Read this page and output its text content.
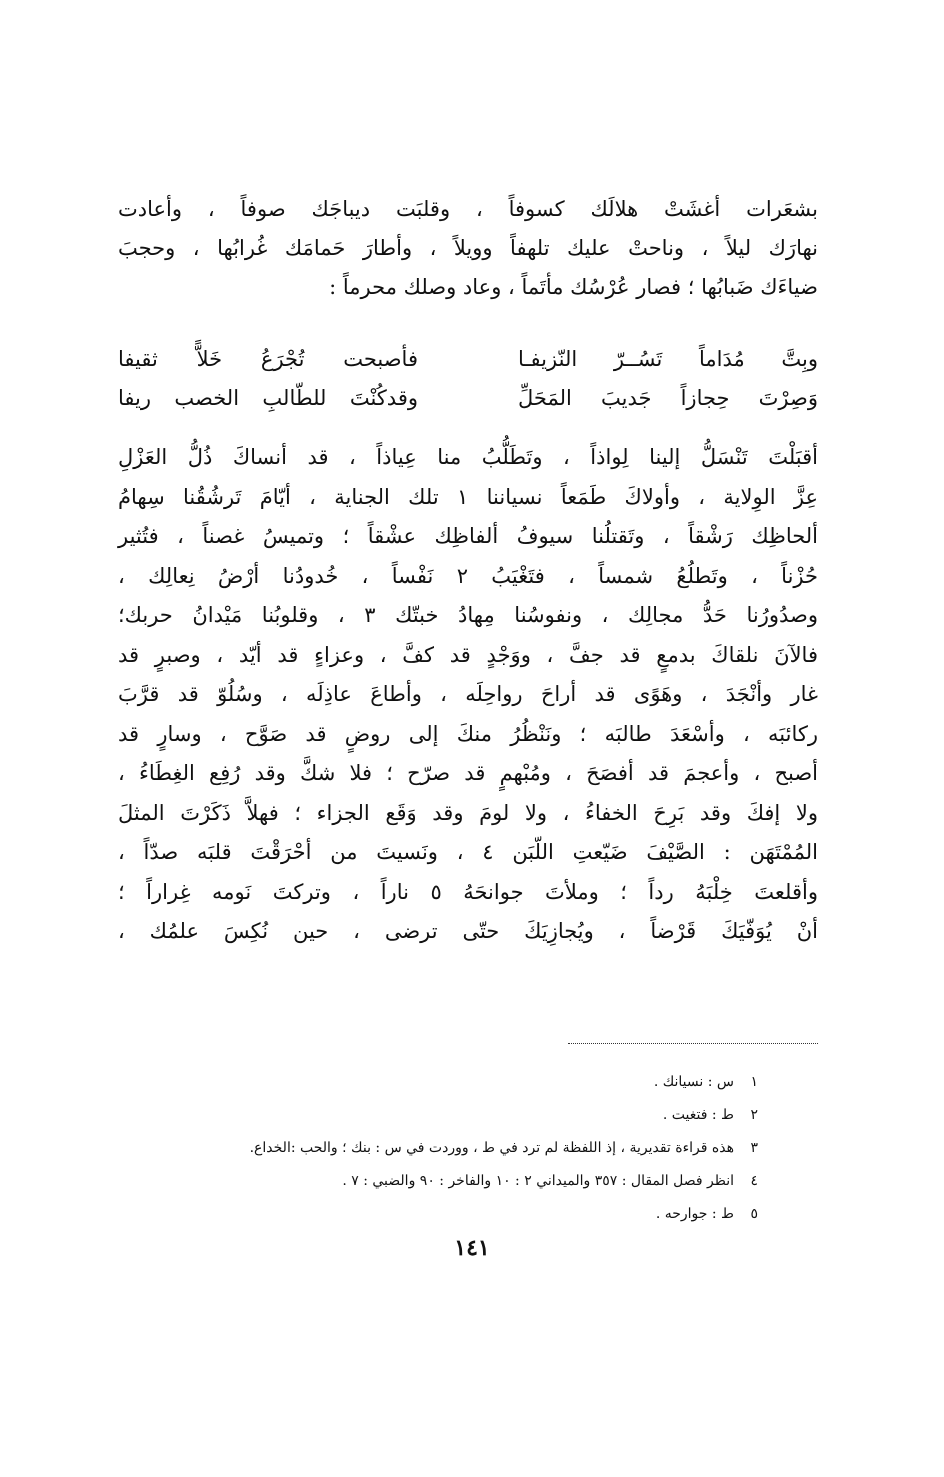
بشعَرات أغشَتْ هلالَك كسوفاً ، وقلبَت ديباجَك صوفاً ، وأعادت

نهارَك ليلاً ، وناحتْ عليك تلهفاً وويلاً ، وأطارَ حَمامَك غُرابُها ، وحجبَ

ضياءَك ضَبابُها ؛ فصار عُرْسُك مأتَماً ، وعاد وصلك محرماً :

وبِتَّ مُدَاماً تَسُــرّ النّزيفـا
فأصبحت تُجْرَعُ خَلاًّ ثقيفا
وَصِرْتَ حِجازاً جَديبَ المَحَلِّ
وقدكُنْتَ للطّالبِ الخصب ريفا

أقبَلْتَ تَنْسَلُّ إلينا لِواذاً ، وتَطَلُّبُ منا عِياذاً ، قد أنساكَ ذُلُّ العَزْلِ

عِزَّ الوِلاية ، وأولاكَ طَمَعاً نسياننا ١ تلك الجناية ، أيّامَ تَرشُقُنا سِهامُ

ألحاظِك رَشْقاً ، وتَقتلُنا سيوفُ ألفاظِك عشْقاً ؛ وتميسُ غصناً ، فتُثير

حُزْناً ، وتَطلُعُ شمساً ، فتَغْيَبُ ٢ نَفْساً ، خُدودُنا أرْضُ نِعالِك ،

وصدُورُنا حَدُّ مجالِك ، ونفوسُنا مِهادُ خبتّك ٣ ، وقلوبُنا مَيْدانُ حربك؛

فالآنَ نلقاكَ بدمعٍ قد جفَّ ، ووَجْدٍ قد كفَّ ، وعزاءٍ قد أيّد ، وصبرٍ قد

غار وأنْجَدَ ، وهَوًى قد أراحَ رواحِلَه ، وأطاعَ عاذِلَه ، وسُلُوّ قد قرَّبَ

ركائبَه ، وأسْعَدَ طالبَه ؛ ونَنْظُرُ منكَ إلى روضٍ قد صَوَّح ، وسارٍ قد

أصبح ، وأعجمَ قد أفصَحَ ، ومُبْهمٍ قد صرّح ؛ فلا شكَّ وقد رُفِع الغِطَاءُ ،

ولا إفكَ وقد بَرِحَ الخفاءُ ، ولا لومَ وقد وَقَع الجزاء ؛ فهلاَّ ذَكَرْتَ المثلَ

المُمْتَهَن : الصَّيْفَ ضَيّعتِ اللّبَن ٤ ، ونَسيتَ من أحْرَقْتَ قلبَه صدّاً ،

وأقلعتَ خِلْبَهُ رداً ؛ وملأتَ جوانحَهُ ٥ ناراً ، وتركتَ نَومه غِراراً ؛

أنْ يُوَفّيَكَ قَرْضاً ، ويُجازِيَكَ حتّى ترضى ، حين نُكِسَ علمُك ،

١
س : نسيانك .
٢
ط : فتغيت .
٣
هذه قراءة تقديرية ، إذ اللفظة لم ترد في ط ، ووردت في س : بنك ؛ والحب :الخداع.
٤
انظر فصل المقال : ٣٥٧ والميداني ٢ : ١٠ والفاخر : ٩٠ والضبي : ٧ .
٥
ط : جوارحه .
١٤١
